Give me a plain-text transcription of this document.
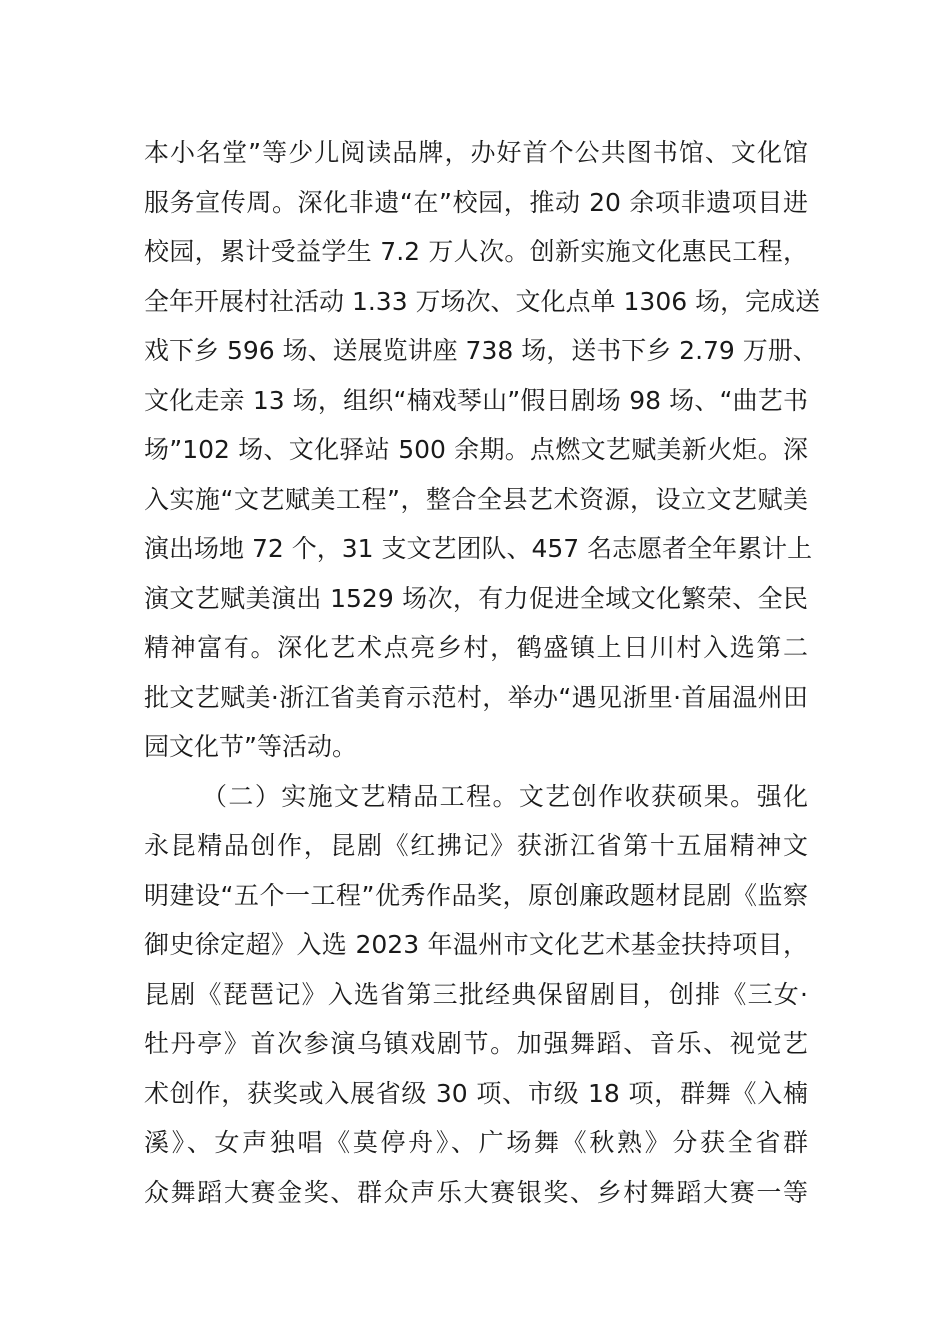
本小名堂”等少儿阅读品牌，办好首个公共图书馆、文化馆
服务宣传周。深化非遗“在”校园，推动 20 余项非遗项目进
校园，累计受益学生 7.2 万人次。创新实施文化惠民工程，
全年开展村社活动 1.33 万场次、文化点单 1306 场，完成送
戏下乡 596 场、送展览讲座 738 场，送书下乡 2.79 万册、
文化走亲 13 场，组织“楠戏琴山”假日剧场 98 场、“曲艺书
场”102 场、文化驿站 500 余期。点燃文艺赋美新火炬。深
入实施“文艺赋美工程”，整合全县艺术资源，设立文艺赋美
演出场地 72 个，31 支文艺团队、457 名志愿者全年累计上
演文艺赋美演出 1529 场次，有力促进全域文化繁荣、全民
精神富有。深化艺术点亮乡村，鹤盛镇上日川村入选第二
批文艺赋美·浙江省美育示范村，举办“遇见浙里·首届温州田
园文化节”等活动。
（二）实施文艺精品工程。文艺创作收获硕果。强化
永昆精品创作，昆剧《红拂记》获浙江省第十五届精神文
明建设“五个一工程”优秀作品奖，原创廉政题材昆剧《监察
御史徐定超》入选 2023 年温州市文化艺术基金扶持项目，
昆剧《琵琶记》入选省第三批经典保留剧目，创排《三女·
牡丹亭》首次参演乌镇戏剧节。加强舞蹈、音乐、视觉艺
术创作，获奖或入展省级 30 项、市级 18 项，群舞《入楠
溪》、女声独唱《莫停舟》、广场舞《秋熟》分获全省群
众舞蹈大赛金奖、群众声乐大赛银奖、乡村舞蹈大赛一等
